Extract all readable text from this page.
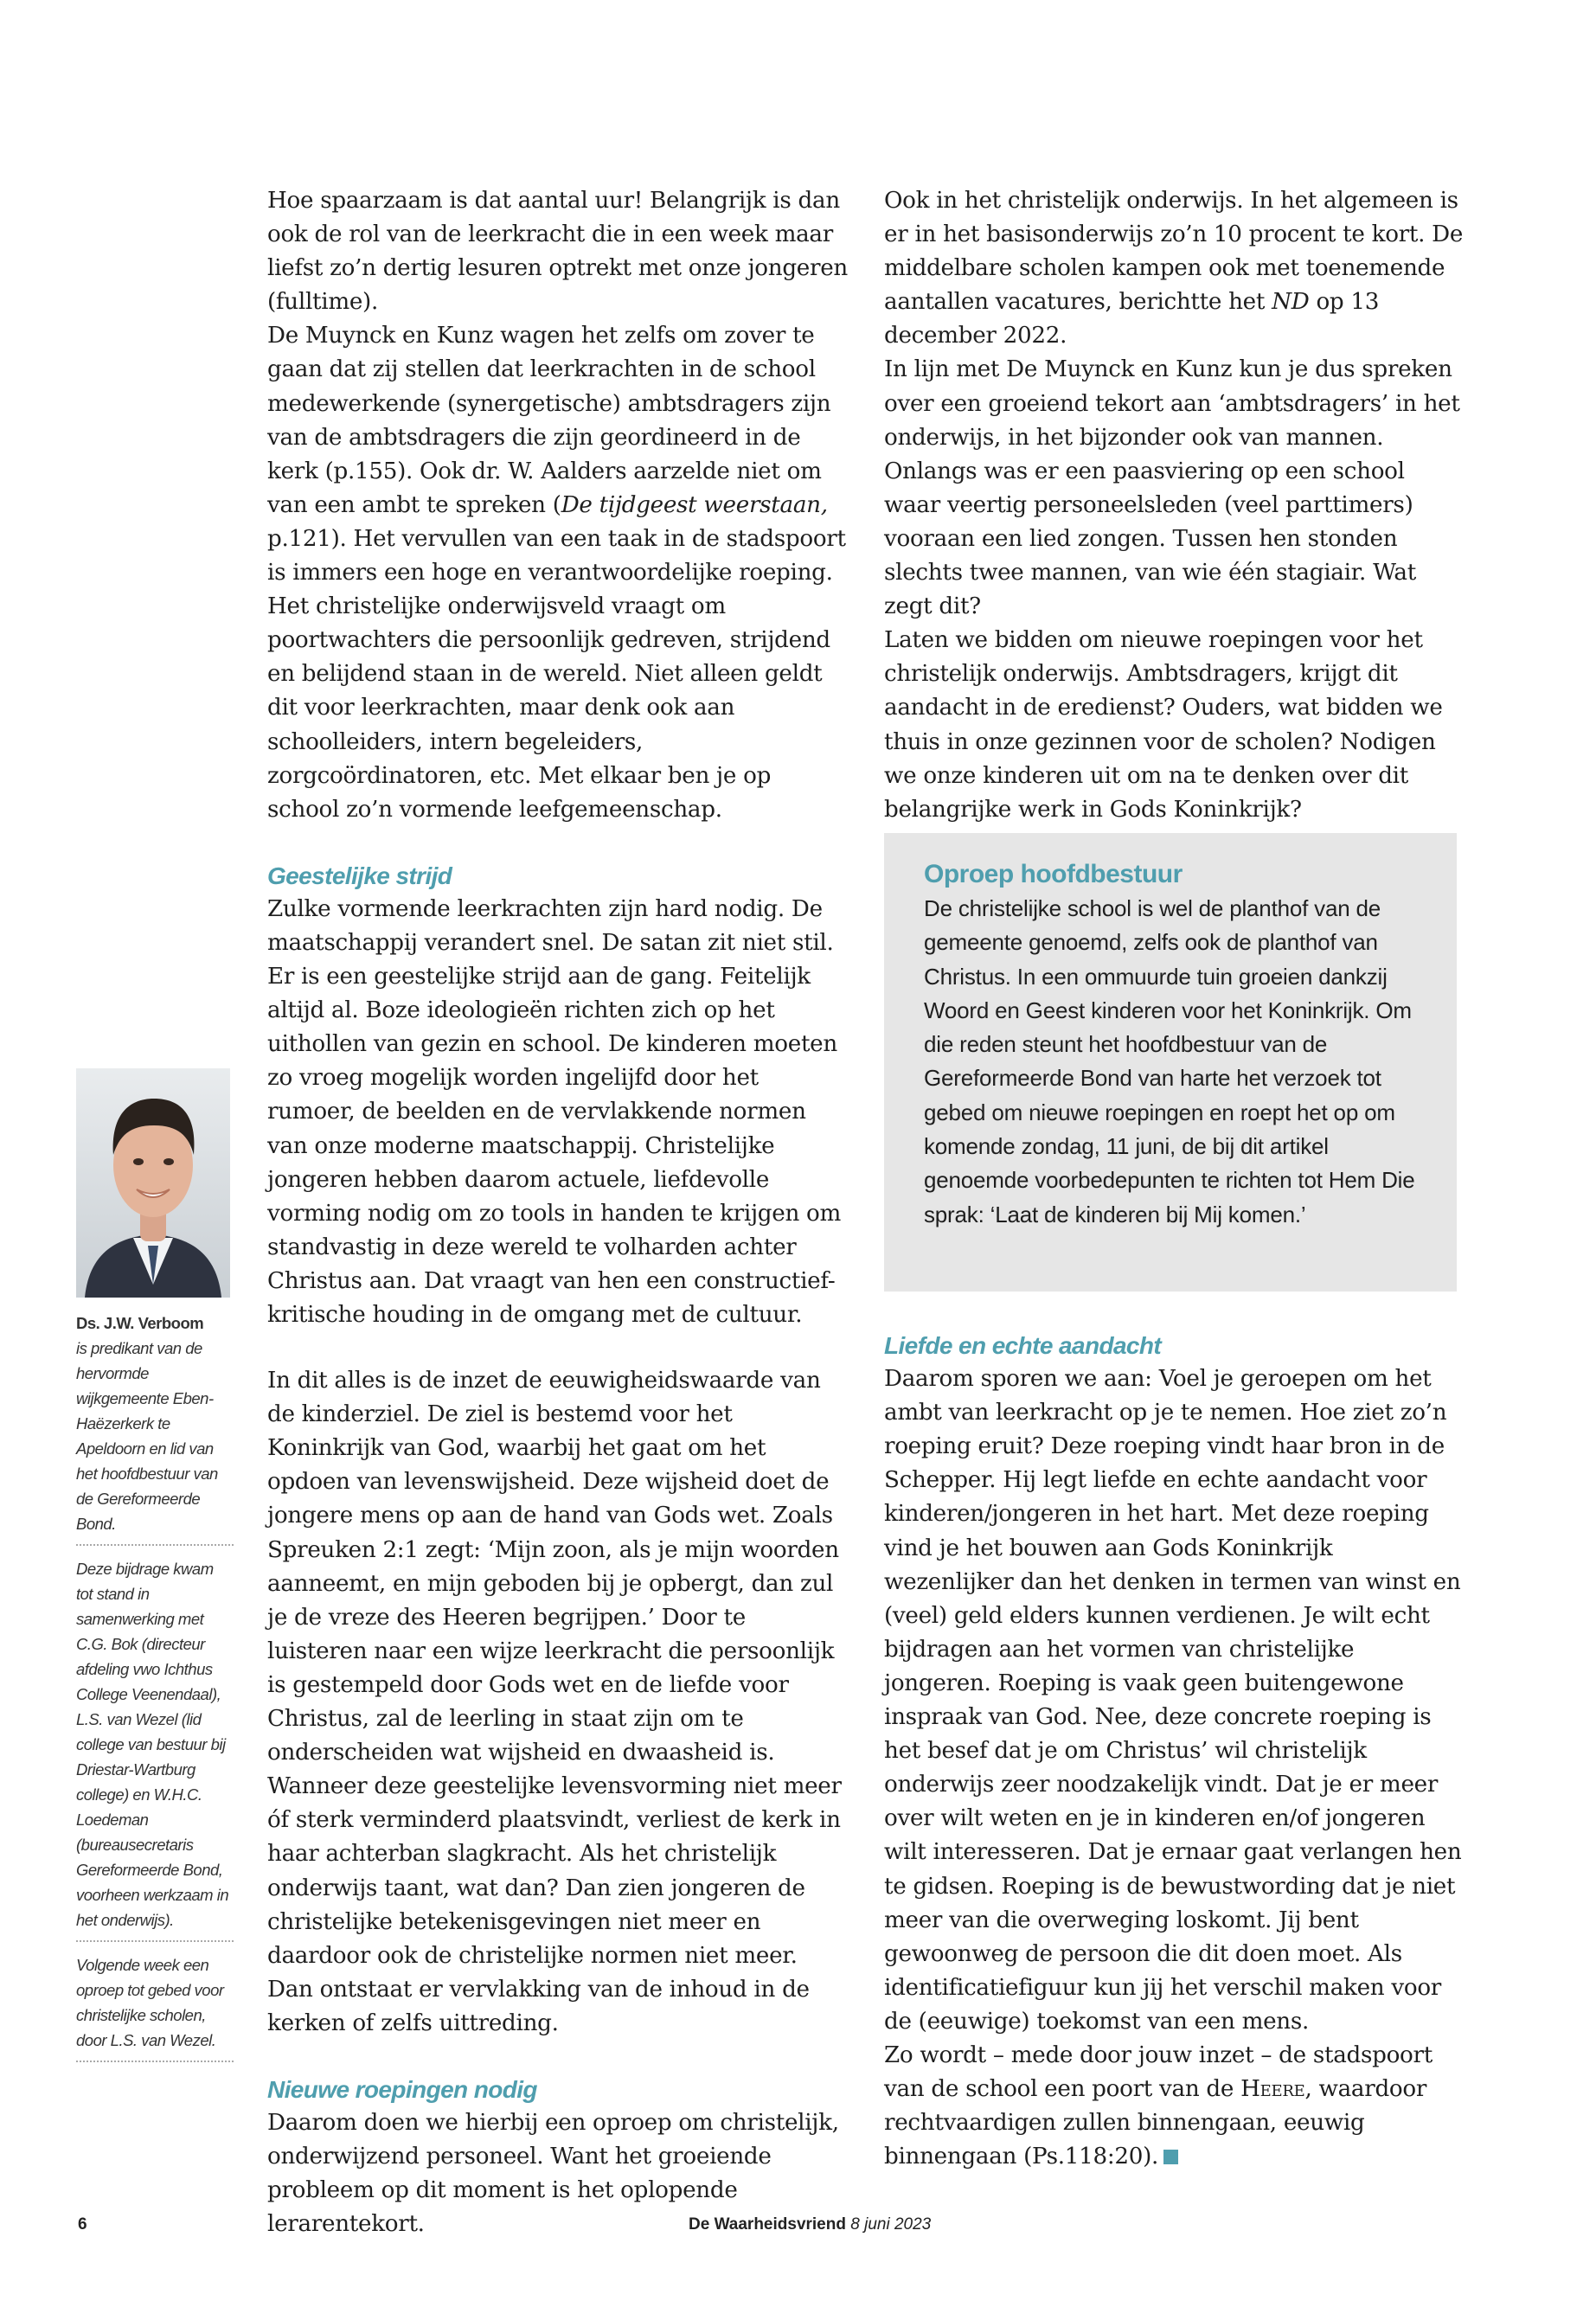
Hoe spaarzaam is dat aantal uur! Belangrijk is dan ook de rol van de leerkracht die in een week maar liefst zo’n dertig lesuren optrekt met onze jongeren (fulltime).

De Muynck en Kunz wagen het zelfs om zover te gaan dat zij stellen dat leerkrachten in de school medewerkende (synergetische) ambtsdragers zijn van de ambtsdragers die zijn geordineerd in de kerk (p.155). Ook dr. W. Aalders aarzelde niet om van een ambt te spreken (De tijdgeest weerstaan, p.121). Het vervullen van een taak in de stadspoort is immers een hoge en verantwoordelijke roeping. Het christelijke onderwijsveld vraagt om poortwachters die persoonlijk gedreven, strijdend en belijdend staan in de wereld. Niet alleen geldt dit voor leerkrachten, maar denk ook aan schoolleiders, intern begeleiders, zorgcoördinatoren, etc. Met elkaar ben je op school zo’n vormende leefgemeenschap.

Geestelijke strijd

Zulke vormende leerkrachten zijn hard nodig. De maatschappij verandert snel. De satan zit niet stil. Er is een geestelijke strijd aan de gang. Feitelijk altijd al. Boze ideologieën richten zich op het uithollen van gezin en school. De kinderen moeten zo vroeg mogelijk worden ingelijfd door het rumoer, de beelden en de vervlakkende normen van onze moderne maatschappij. Christelijke jongeren hebben daarom actuele, liefdevolle vorming nodig om zo tools in handen te krijgen om standvastig in deze wereld te volharden achter Christus aan. Dat vraagt van hen een constructief-kritische houding in de omgang met de cultuur.

In dit alles is de inzet de eeuwigheidswaarde van de kinderziel. De ziel is bestemd voor het Koninkrijk van God, waarbij het gaat om het opdoen van levenswijsheid. Deze wijsheid doet de jongere mens op aan de hand van Gods wet. Zoals Spreuken 2:1 zegt: ‘Mijn zoon, als je mijn woorden aanneemt, en mijn geboden bij je opbergt, dan zul je de vreze des Heeren begrijpen.’ Door te luisteren naar een wijze leerkracht die persoonlijk is gestempeld door Gods wet en de liefde voor Christus, zal de leerling in staat zijn om te onderscheiden wat wijsheid en dwaasheid is.

Wanneer deze geestelijke levensvorming niet meer óf sterk verminderd plaatsvindt, verliest de kerk in haar achterban slagkracht. Als het christelijk onderwijs taant, wat dan? Dan zien jongeren de christelijke betekenisgevingen niet meer en daardoor ook de christelijke normen niet meer. Dan ontstaat er vervlakking van de inhoud in de kerken of zelfs uittreding.

Nieuwe roepingen nodig

Daarom doen we hierbij een oproep om christelijk, onderwijzend personeel. Want het groeiende probleem op dit moment is het oplopende lerarentekort.

Ook in het christelijk onderwijs. In het algemeen is er in het basisonderwijs zo’n 10 procent te kort. De middelbare scholen kampen ook met toenemende aantallen vacatures, berichtte het ND op 13 december 2022.

In lijn met De Muynck en Kunz kun je dus spreken over een groeiend tekort aan ‘ambtsdragers’ in het onderwijs, in het bijzonder ook van mannen. Onlangs was er een paasviering op een school waar veertig personeelsleden (veel parttimers) vooraan een lied zongen. Tussen hen stonden slechts twee mannen, van wie één stagiair. Wat zegt dit?

Laten we bidden om nieuwe roepingen voor het christelijk onderwijs. Ambtsdragers, krijgt dit aandacht in de eredienst? Ouders, wat bidden we thuis in onze gezinnen voor de scholen? Nodigen we onze kinderen uit om na te denken over dit belangrijke werk in Gods Koninkrijk?

Oproep hoofdbestuur

De christelijke school is wel de planthof van de gemeente genoemd, zelfs ook de planthof van Christus. In een ommuurde tuin groeien dankzij Woord en Geest kinderen voor het Koninkrijk. Om die reden steunt het hoofdbestuur van de Gereformeerde Bond van harte het verzoek tot gebed om nieuwe roepingen en roept het op om komende zondag, 11 juni, de bij dit artikel genoemde voorbedepunten te richten tot Hem Die sprak: ‘Laat de kinderen bij Mij komen.’

Liefde en echte aandacht

Daarom sporen we aan: Voel je geroepen om het ambt van leerkracht op je te nemen. Hoe ziet zo’n roeping eruit? Deze roeping vindt haar bron in de Schepper. Hij legt liefde en echte aandacht voor kinderen/jongeren in het hart. Met deze roeping vind je het bouwen aan Gods Koninkrijk wezenlijker dan het denken in termen van winst en (veel) geld elders kunnen verdienen. Je wilt echt bijdragen aan het vormen van christelijke jongeren. Roeping is vaak geen buitengewone inspraak van God. Nee, deze concrete roeping is het besef dat je om Christus’ wil christelijk onderwijs zeer noodzakelijk vindt. Dat je er meer over wilt weten en je in kinderen en/of jongeren wilt interesseren. Dat je ernaar gaat verlangen hen te gidsen. Roeping is de bewustwording dat je niet meer van die overweging loskomt. Jij bent gewoonweg de persoon die dit doen moet. Als identificatiefiguur kun jij het verschil maken voor de (eeuwige) toekomst van een mens.

Zo wordt – mede door jouw inzet – de stadspoort van de school een poort van de Heere, waardoor rechtvaardigen zullen binnengaan, eeuwig binnengaan (Ps.118:20).

Ds. J.W. Verboom
is predikant van de hervormde wijkgemeente Eben-Haëzerkerk te Apeldoorn en lid van het hoofdbestuur van de Gereformeerde Bond.

Deze bijdrage kwam tot stand in samenwerking met C.G. Bok (directeur afdeling vwo Ichthus College Veenendaal), L.S. van Wezel (lid college van bestuur bij Driestar-Wartburg college) en W.H.C. Loedeman (bureausecretaris Gereformeerde Bond, voorheen werkzaam in het onderwijs).

Volgende week een oproep tot gebed voor christelijke scholen, door L.S. van Wezel.

6	De Waarheidsvriend 8 juni 2023
